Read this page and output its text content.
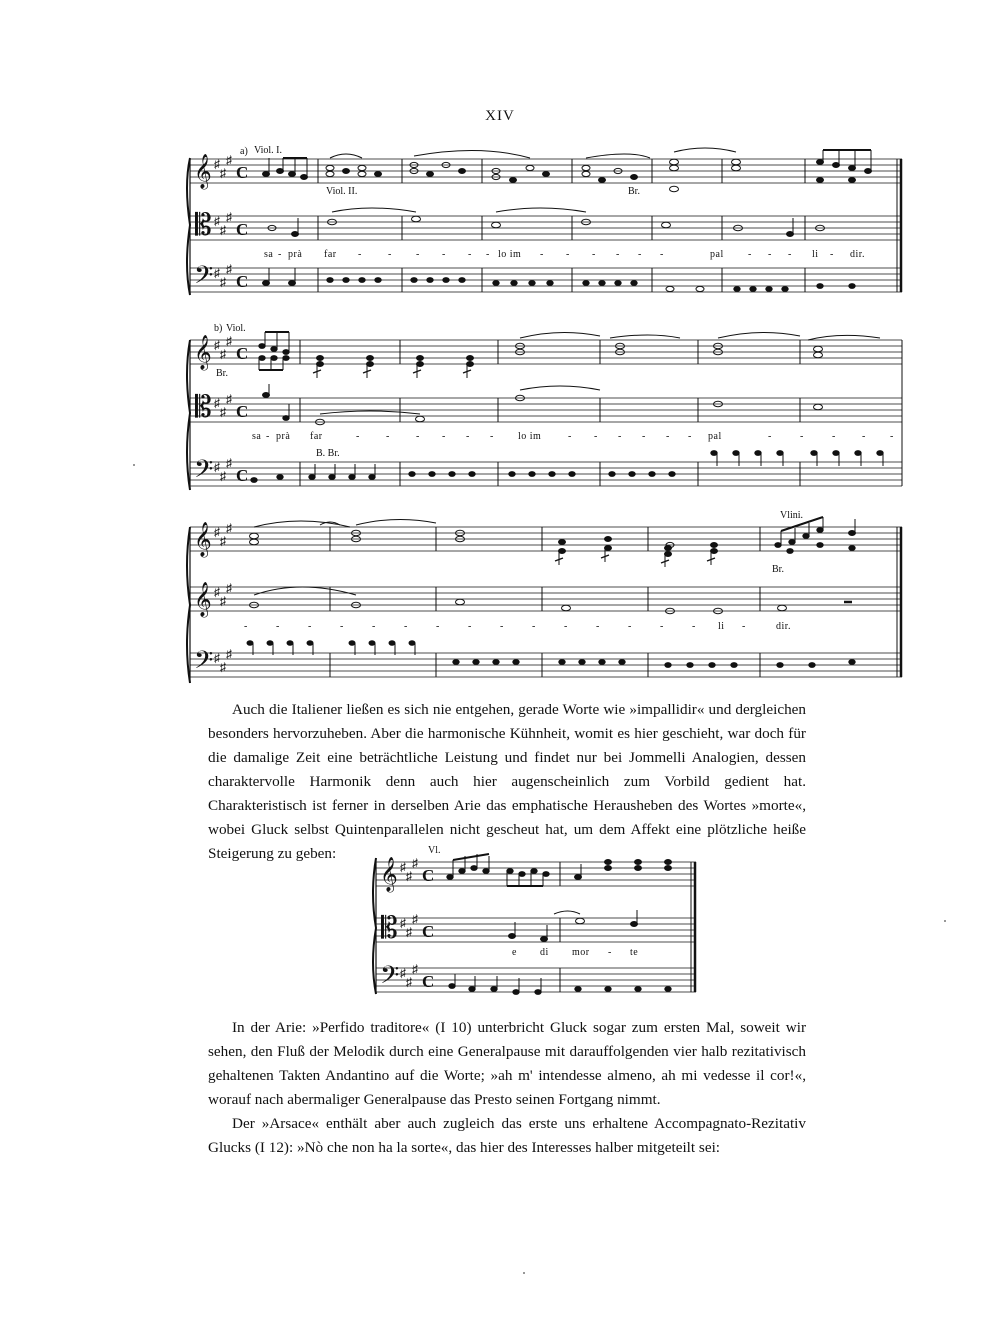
XIV
𝄞
𝄡
𝄢
♯
♯
♯
♯
♯
♯
♯
♯
♯
C
C
C
a) Viol. I.
Viol. II.	Br.
sa - prà far -	- - - - - lo im - - - - - -	pal - - - li - dir.
𝄞
𝄡
𝄢
♯
♯
♯
♯
♯
♯
♯
♯
♯
C
C
C
b) Viol.
Br.
B. Br.
sa - prà far	-	-	- - - - lo im	- - - - - - pal	-	-	-	- -
𝄞
𝄞
𝄢
♯
♯
♯
♯
♯
♯
♯
♯
♯
Vlini.
Br.
-	-	-	-	-	-	-	-	-	-	-	-	-	-	- li -	dir.

Auch die Italiener ließen es sich nie entgehen, gerade Worte wie »impallidir« und dergleichen besonders hervorzuheben. Aber die harmonische Kühnheit, womit es hier geschieht, war doch für die damalige Zeit eine beträchtliche Leistung und findet nur bei Jommelli Analogien, dessen charaktervolle Harmonik denn auch hier augenscheinlich zum Vorbild gedient hat. Charakteristisch ist ferner in derselben Arie das emphatische Herausheben des Wortes »morte«, wobei Gluck selbst Quintenparallelen nicht gescheut hat, um dem Affekt eine plötzliche heiße Steigerung zu geben:

𝄞
𝄡
𝄢
♯
♯
♯
♯
♯
♯
♯
♯
♯
C
C
C
Vl.
e di mor - te

In der Arie: »Perfido traditore« (I 10) unterbricht Gluck sogar zum ersten Mal, soweit wir sehen, den Fluß der Melodik durch eine Generalpause mit darauffolgenden vier halb rezitativisch gehaltenen Takten Andantino auf die Worte; »ah m' intendesse almeno, ah mi vedesse il cor!«, worauf nach abermaliger Generalpause das Presto seinen Fortgang nimmt.

Der »Arsace« enthält aber auch zugleich das erste uns erhaltene Accompagnato-Rezitativ Glucks (I 12): »Nò che non ha la sorte«, das hier des Interesses halber mitgeteilt sei:
